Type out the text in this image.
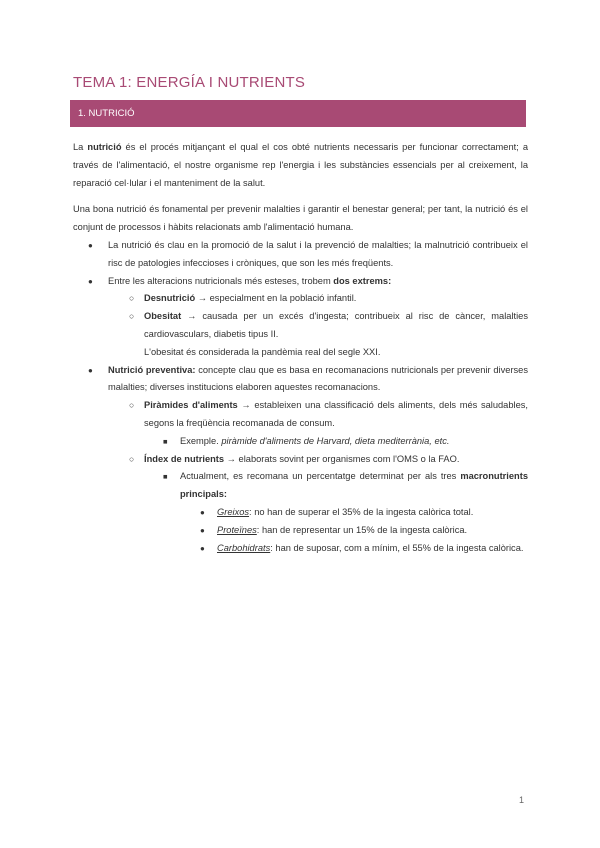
TEMA 1: ENERGÍA I NUTRIENTS
1. NUTRICIÓ

La nutrició és el procés mitjançant el qual el cos obté nutrients necessaris per funcionar correctament; a través de l'alimentació, el nostre organisme rep l'energia i les substàncies essencials per al creixement, la reparació cel·lular i el manteniment de la salut.

Una bona nutrició és fonamental per prevenir malalties i garantir el benestar general; per tant, la nutrició és el conjunt de processos i hàbits relacionats amb l'alimentació humana.

● La nutrició és clau en la promoció de la salut i la prevenció de malalties; la malnutrició contribueix el risc de patologies infeccioses i cròniques, que son les més freqüents.
● Entre les alteracions nutricionals més esteses, trobem dos extrems:
○ Desnutrició → especialment en la població infantil.
○ Obesitat → causada per un excés d'ingesta; contribueix al risc de càncer, malalties cardiovasculars, diabetis tipus II.
L'obesitat és considerada la pandèmia real del segle XXI.
● Nutrició preventiva: concepte clau que es basa en recomanacions nutricionals per prevenir diverses malalties; diverses institucions elaboren aquestes recomanacions.
○ Piràmides d'aliments → estableixen una classificació dels aliments, dels més saludables, segons la freqüència recomanada de consum.
■ Exemple. piràmide d'aliments de Harvard, dieta mediterrània, etc.
○ Índex de nutrients → elaborats sovint per organismes com l'OMS o la FAO.
■ Actualment, es recomana un percentatge determinat per als tres macronutrients principals:
● Greixos: no han de superar el 35% de la ingesta calòrica total.
● Proteïnes: han de representar un 15% de la ingesta calòrica.
● Carbohidrats: han de suposar, com a mínim, el 55% de la ingesta calòrica.
1
